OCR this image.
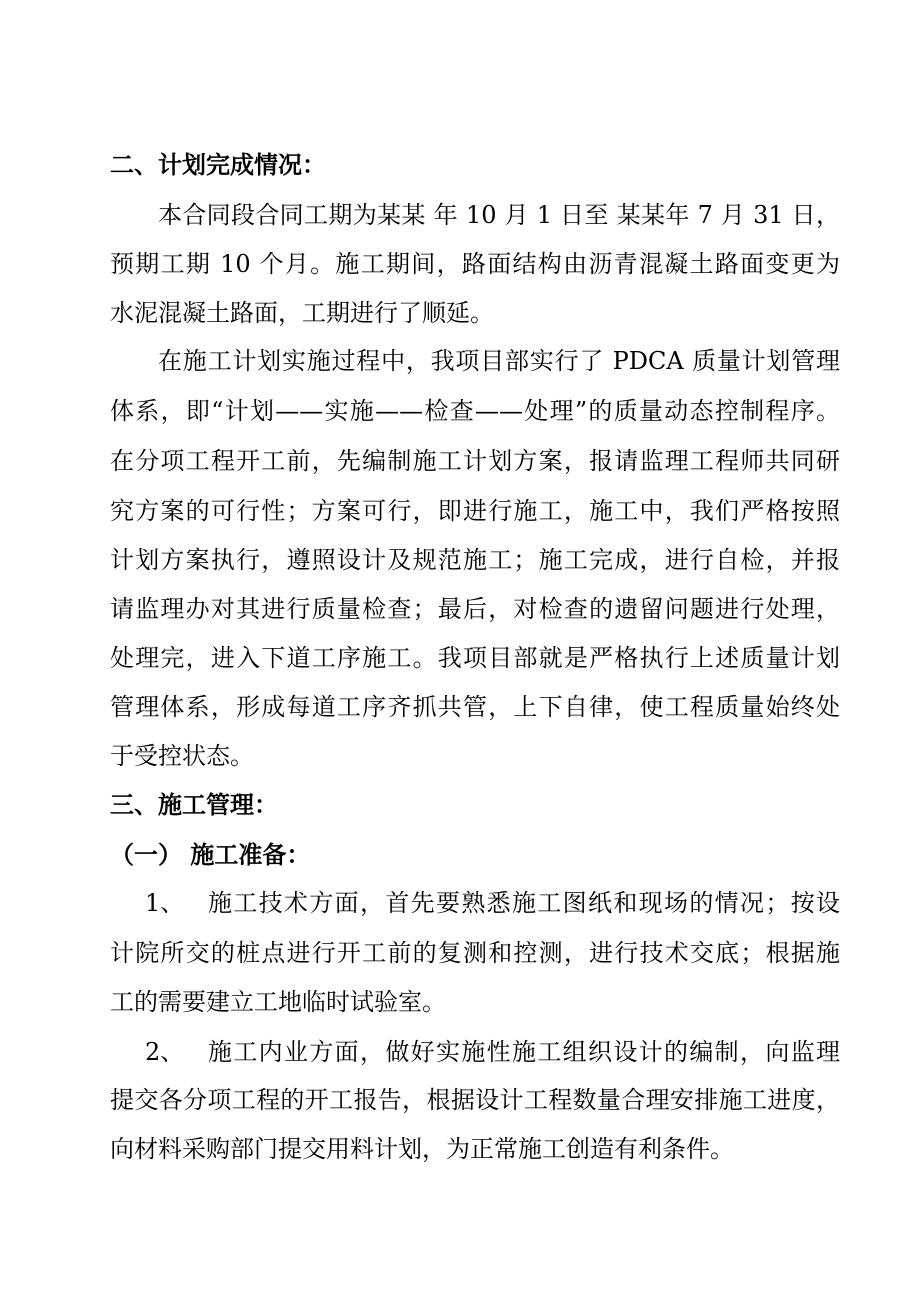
二、计划完成情况：
本合同段合同工期为某某 年 10 月 1 日至 某某年 7 月 31 日，
预期工期 10 个月。施工期间，路面结构由沥青混凝土路面变更为
水泥混凝土路面，工期进行了顺延。
在施工计划实施过程中，我项目部实行了 PDCA 质量计划管理
体系，即“计划——实施——检查——处理”的质量动态控制程序。
在分项工程开工前，先编制施工计划方案，报请监理工程师共同研
究方案的可行性；方案可行，即进行施工，施工中，我们严格按照
计划方案执行，遵照设计及规范施工；施工完成，进行自检，并报
请监理办对其进行质量检查；最后，对检查的遗留问题进行处理，
处理完，进入下道工序施工。我项目部就是严格执行上述质量计划
管理体系，形成每道工序齐抓共管，上下自律，使工程质量始终处
于受控状态。
三、施工管理：
（一） 施工准备：
1、 施工技术方面，首先要熟悉施工图纸和现场的情况；按设
计院所交的桩点进行开工前的复测和控测，进行技术交底；根据施
工的需要建立工地临时试验室。
2、 施工内业方面，做好实施性施工组织设计的编制，向监理
提交各分项工程的开工报告，根据设计工程数量合理安排施工进度，
向材料采购部门提交用料计划，为正常施工创造有利条件。
